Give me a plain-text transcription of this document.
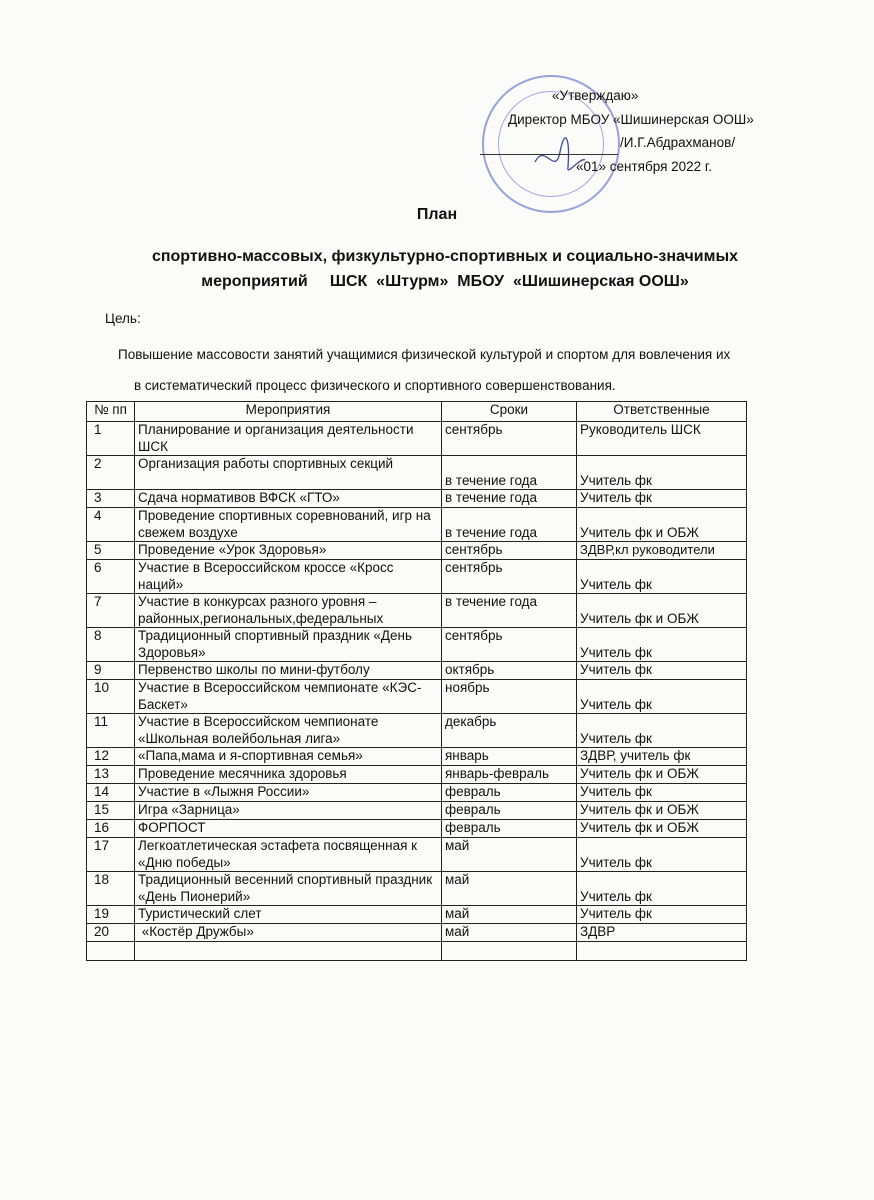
«Утверждаю»
Директор МБОУ «Шишинерская ООШ»
/И.Г.Абдрахманов/
«01» сентября 2022 г.
План
спортивно-массовых, физкультурно-спортивных и социально-значимых
мероприятий     ШСК  «Штурм»  МБОУ  «Шишинерская ООШ»
Цель:
Повышение массовости занятий учащимися физической культурой и спортом для вовлечения их
в систематический процесс физического и спортивного совершенствования.
№ пп	Мероприятия	Сроки	Ответственные
1	Планирование и организация деятельности ШСК	сентябрь	Руководитель ШСК
2	Организация работы спортивных секций	в течение года	Учитель фк
3	Сдача нормативов ВФСК «ГТО»	в течение года	Учитель фк
4	Проведение спортивных соревнований, игр на свежем воздухе	в течение года	Учитель фк и ОБЖ
5	Проведение «Урок Здоровья»	сентябрь	ЗДВР,кл руководители
6	Участие в Всероссийском кроссе «Кросс наций»	сентябрь	Учитель фк
7	Участие в конкурсах разного уровня – районных,региональных,федеральных	в течение года	Учитель фк и ОБЖ
8	Традиционный спортивный праздник «День Здоровья»	сентябрь	Учитель фк
9	Первенство школы по мини-футболу	октябрь	Учитель фк
10	Участие в Всероссийском чемпионате «КЭС-Баскет»	ноябрь	Учитель фк
11	Участие в Всероссийском чемпионате «Школьная волейбольная лига»	декабрь	Учитель фк
12	«Папа,мама и я-спортивная семья»	январь	ЗДВР, учитель фк
13	Проведение месячника здоровья	январь-февраль	Учитель фк и ОБЖ
14	Участие в «Лыжня России»	февраль	Учитель фк
15	Игра «Зарница»	февраль	Учитель фк и ОБЖ
16	ФОРПОСТ	февраль	Учитель фк и ОБЖ
17	Легкоатлетическая эстафета посвященная к «Дню победы»	май	Учитель фк
18	Традиционный весенний спортивный праздник «День Пионерий»	май	Учитель фк
19	Туристический слет	май	Учитель фк
20	«Костёр Дружбы»	май	ЗДВР
